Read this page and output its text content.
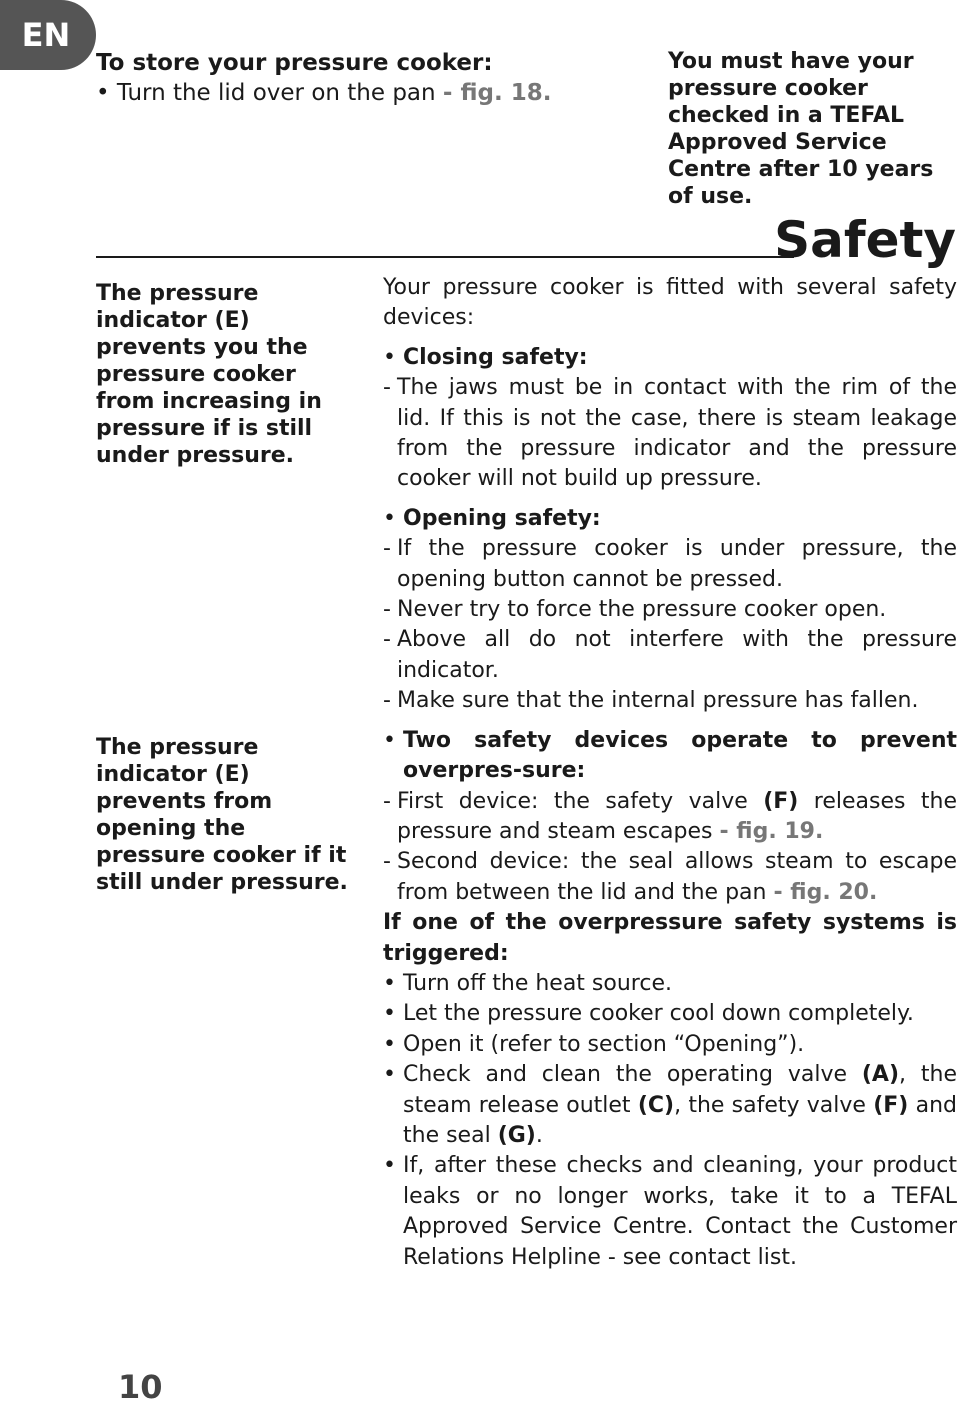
EN
To store your pressure cooker:
• Turn the lid over on the pan - fig. 18.
You must have your pressure cooker checked in a TEFAL Approved Service Centre after 10 years of use.
Safety
The pressure indicator (E) prevents you the pressure cooker from increasing in pressure if is still under pressure.
The pressure indicator (E) prevents from opening the pressure cooker if it still under pressure.

Your pressure cooker is fitted with several safety devices:

• Closing safety:
- The jaws must be in contact with the rim of the lid. If this is not the case, there is steam leakage from the pressure indicator and the pressure cooker will not build up pressure.
• Opening safety:
- If the pressure cooker is under pressure, the opening button cannot be pressed.
- Never try to force the pressure cooker open.
- Above all do not interfere with the pressure indicator.
- Make sure that the internal pressure has fallen.
• Two safety devices operate to prevent overpres-sure:
- First device: the safety valve (F) releases the pressure and steam escapes - fig. 19.
- Second device: the seal allows steam to escape from between the lid and the pan - fig. 20.

If one of the overpressure safety systems is triggered:

• Turn off the heat source.
• Let the pressure cooker cool down completely.
• Open it (refer to section “Opening”).
• Check and clean the operating valve (A), the steam release outlet (C), the safety valve (F) and the seal (G).
• If, after these checks and cleaning, your product leaks or no longer works, take it to a TEFAL Approved Service Centre. Contact the Customer Relations Helpline - see contact list.
10
